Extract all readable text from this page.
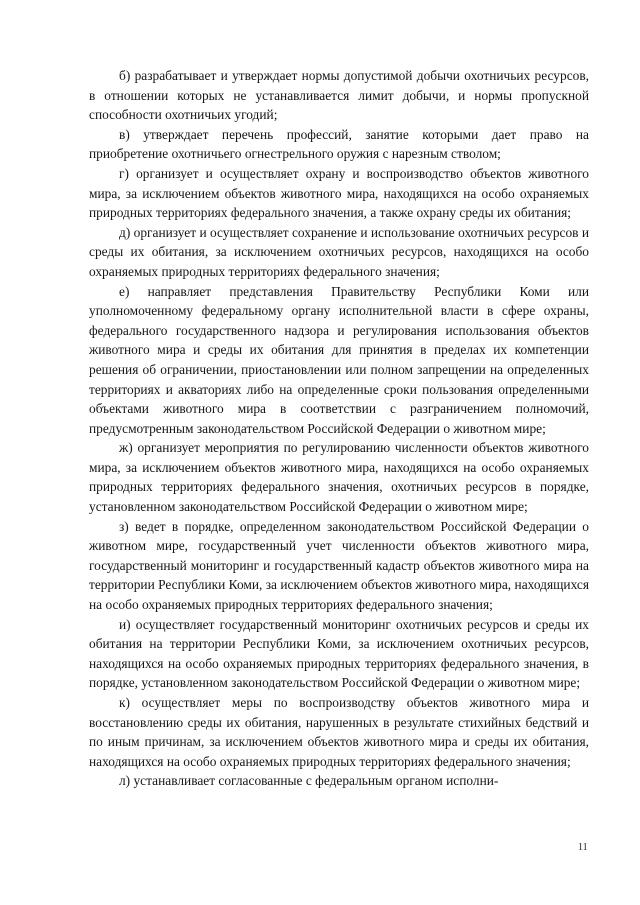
б) разрабатывает и утверждает нормы допустимой добычи охотничьих ресурсов, в отношении которых не устанавливается лимит добычи, и нормы пропускной способности охотничьих угодий;

в) утверждает перечень профессий, занятие которыми дает право на приобретение охотничьего огнестрельного оружия с нарезным стволом;

г) организует и осуществляет охрану и воспроизводство объектов животного мира, за исключением объектов животного мира, находящихся на особо охраняемых природных территориях федерального значения, а также охрану среды их обитания;

д) организует и осуществляет сохранение и использование охотничьих ресурсов и среды их обитания, за исключением охотничьих ресурсов, находящихся на особо охраняемых природных территориях федерального значения;

е) направляет представления Правительству Республики Коми или уполномоченному федеральному органу исполнительной власти в сфере охраны, федерального государственного надзора и регулирования использования объектов животного мира и среды их обитания для принятия в пределах их компетенции решения об ограничении, приостановлении или полном запрещении на определенных территориях и акваториях либо на определенные сроки пользования определенными объектами животного мира в соответствии с разграничением полномочий, предусмотренным законодательством Российской Федерации о животном мире;

ж) организует мероприятия по регулированию численности объектов животного мира, за исключением объектов животного мира, находящихся на особо охраняемых природных территориях федерального значения, охотничьих ресурсов в порядке, установленном законодательством Российской Федерации о животном мире;

з) ведет в порядке, определенном законодательством Российской Федерации о животном мире, государственный учет численности объектов животного мира, государственный мониторинг и государственный кадастр объектов животного мира на территории Республики Коми, за исключением объектов животного мира, находящихся на особо охраняемых природных территориях федерального значения;

и) осуществляет государственный мониторинг охотничьих ресурсов и среды их обитания на территории Республики Коми, за исключением охотничьих ресурсов, находящихся на особо охраняемых природных территориях федерального значения, в порядке, установленном законодательством Российской Федерации о животном мире;

к) осуществляет меры по воспроизводству объектов животного мира и восстановлению среды их обитания, нарушенных в результате стихийных бедствий и по иным причинам, за исключением объектов животного мира и среды их обитания, находящихся на особо охраняемых природных территориях федерального значения;

л) устанавливает согласованные с федеральным органом исполни-

11
